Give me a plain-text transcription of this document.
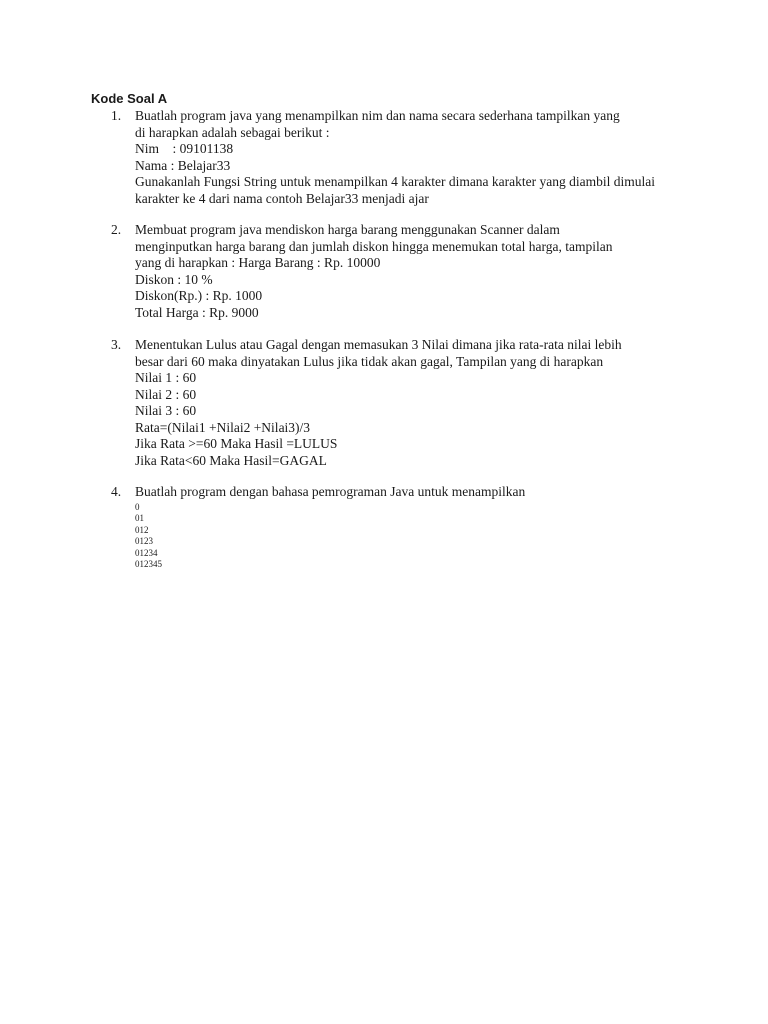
Kode Soal A
1. Buatlah program java yang menampilkan nim dan nama secara sederhana tampilkan yang
di harapkan adalah sebagai berikut :
Nim    : 09101138
Nama : Belajar33
Gunakanlah Fungsi String untuk menampilkan 4 karakter dimana karakter yang diambil dimulai
karakter ke 4 dari nama contoh Belajar33 menjadi ajar
2. Membuat program java mendiskon harga barang menggunakan Scanner dalam
menginputkan harga barang dan jumlah diskon hingga menemukan total harga, tampilan
yang di harapkan : Harga Barang : Rp. 10000
Diskon : 10 %
Diskon(Rp.) : Rp. 1000
Total Harga : Rp. 9000
3. Menentukan Lulus atau Gagal dengan memasukan 3 Nilai dimana jika rata-rata nilai lebih
besar dari 60 maka dinyatakan Lulus jika tidak akan gagal, Tampilan yang di harapkan
Nilai 1 : 60
Nilai 2 : 60
Nilai 3 : 60
Rata=(Nilai1 +Nilai2 +Nilai3)/3
Jika Rata >=60 Maka Hasil =LULUS
Jika Rata<60 Maka Hasil=GAGAL
4. Buatlah program dengan bahasa pemrograman Java untuk menampilkan
0
01
012
0123
01234
012345
